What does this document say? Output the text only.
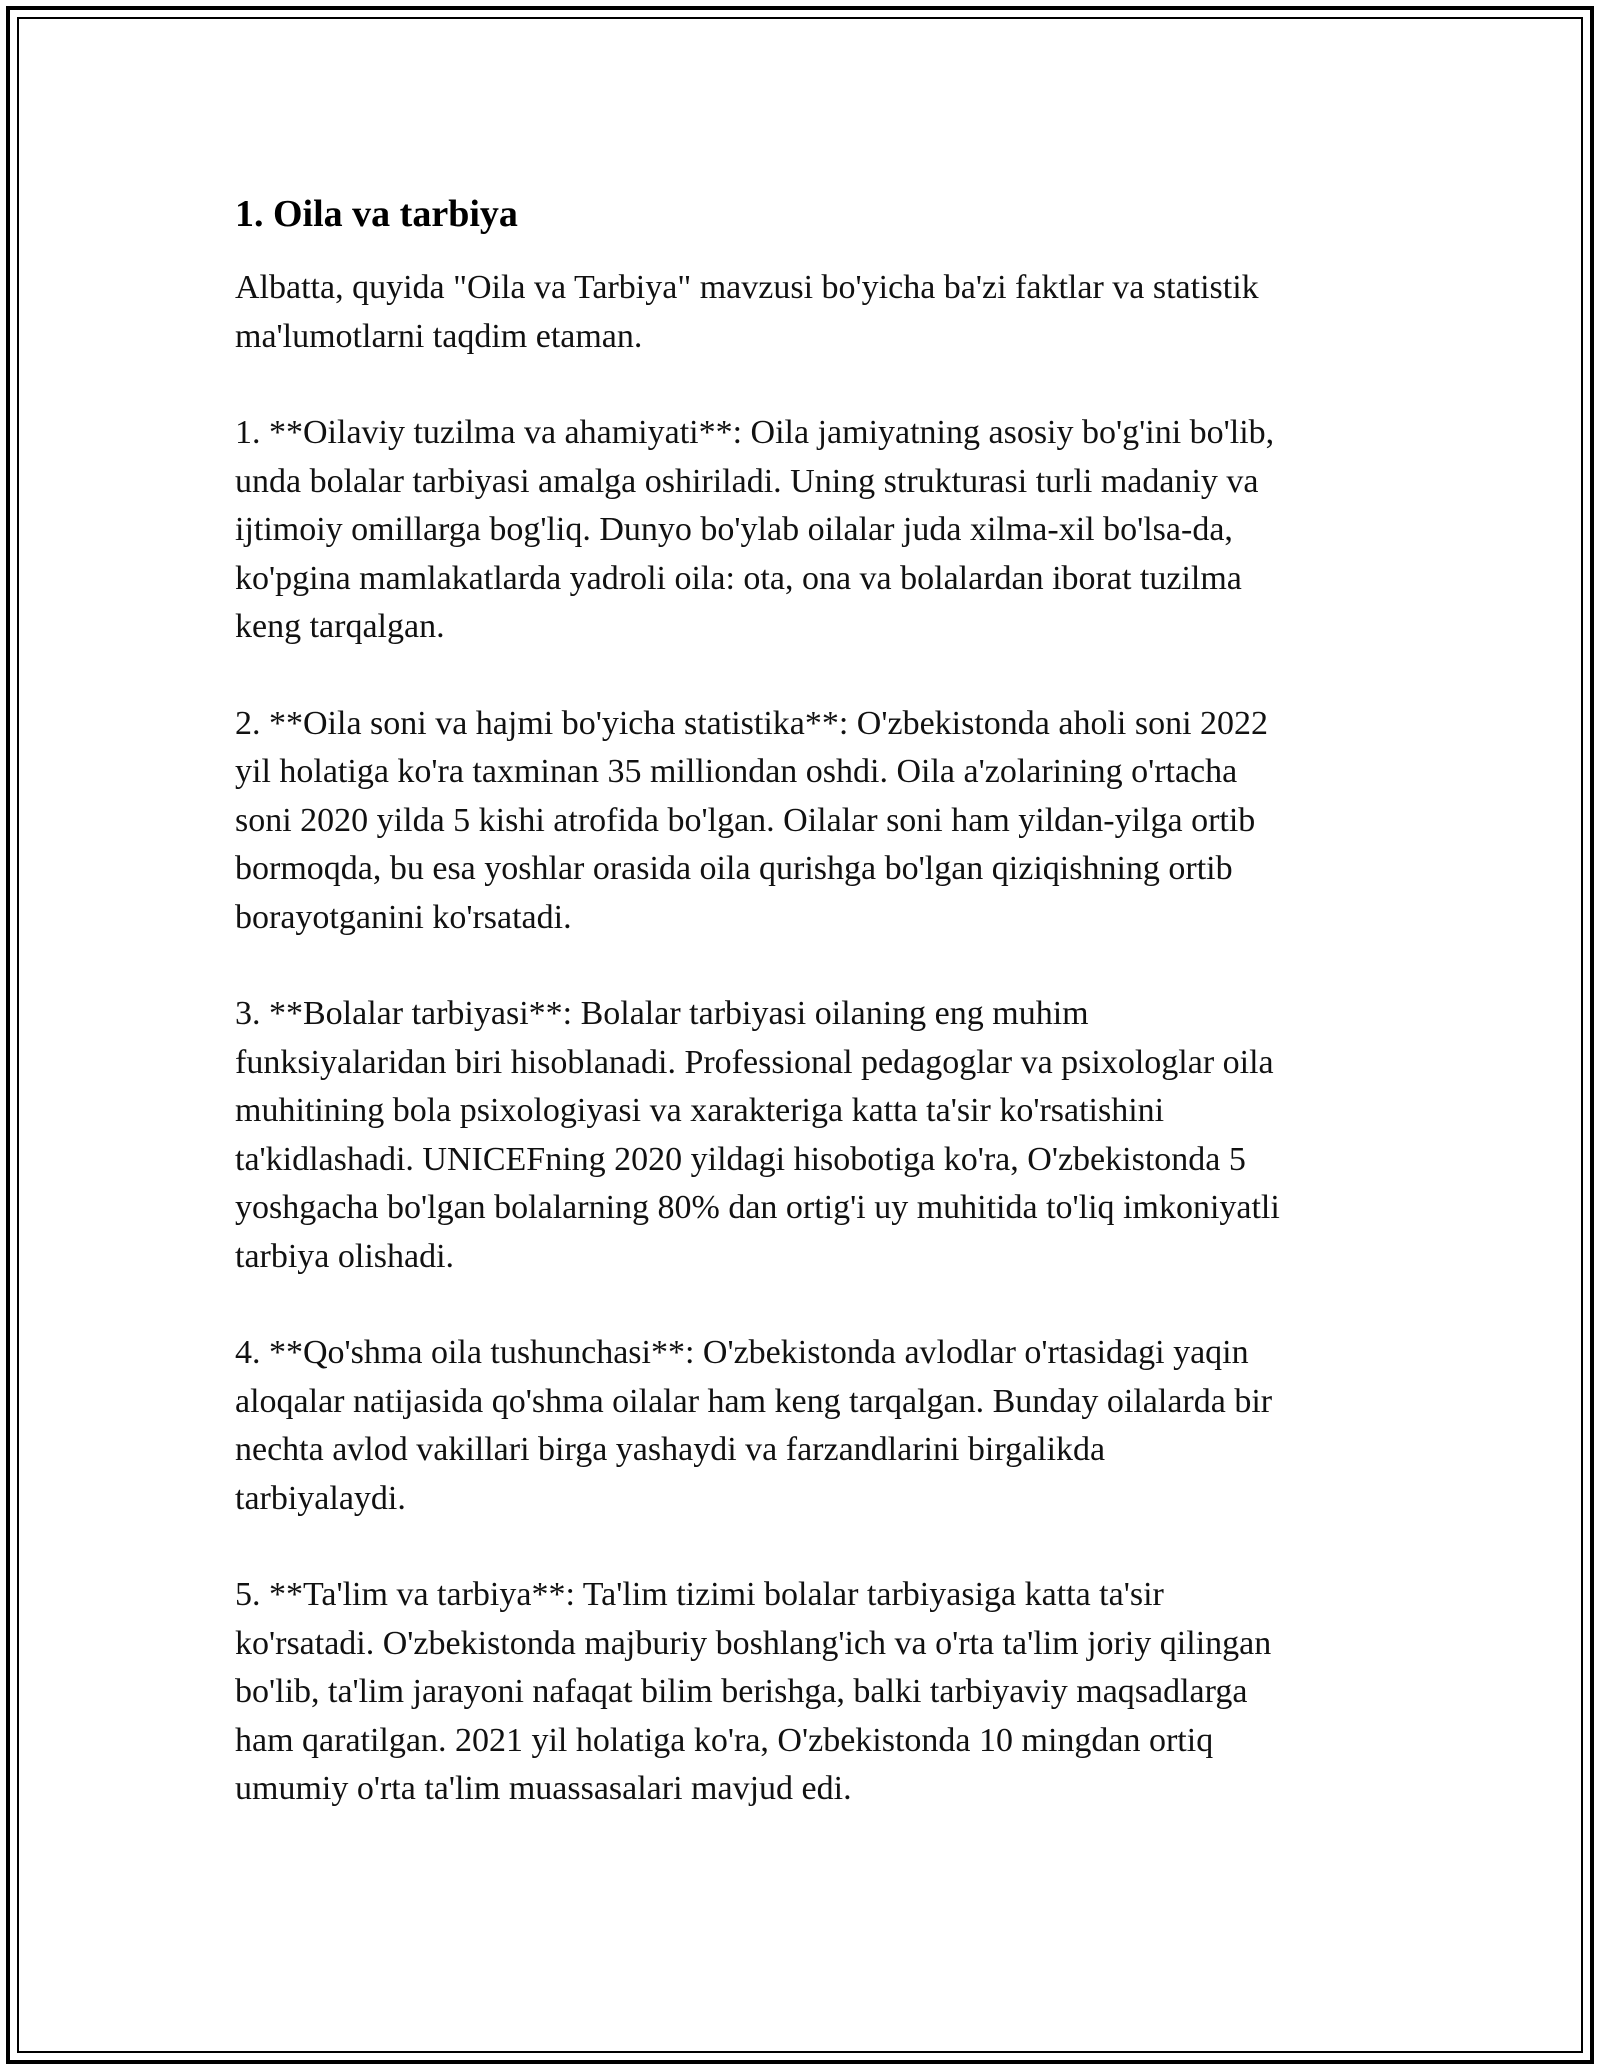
1. Oila va tarbiya

Albatta, quyida "Oila va Tarbiya" mavzusi bo'yicha ba'zi faktlar va statistik
ma'lumotlarni taqdim etaman.

1. **Oilaviy tuzilma va ahamiyati**: Oila jamiyatning asosiy bo'g'ini bo'lib,
unda bolalar tarbiyasi amalga oshiriladi. Uning strukturasi turli madaniy va
ijtimoiy omillarga bog'liq. Dunyo bo'ylab oilalar juda xilma-xil bo'lsa-da,
ko'pgina mamlakatlarda yadroli oila: ota, ona va bolalardan iborat tuzilma
keng tarqalgan.

2. **Oila soni va hajmi bo'yicha statistika**: O'zbekistonda aholi soni 2022
yil holatiga ko'ra taxminan 35 milliondan oshdi. Oila a'zolarining o'rtacha
soni 2020 yilda 5 kishi atrofida bo'lgan. Oilalar soni ham yildan-yilga ortib
bormoqda, bu esa yoshlar orasida oila qurishga bo'lgan qiziqishning ortib
borayotganini ko'rsatadi.

3. **Bolalar tarbiyasi**: Bolalar tarbiyasi oilaning eng muhim
funksiyalaridan biri hisoblanadi. Professional pedagoglar va psixologlar oila
muhitining bola psixologiyasi va xarakteriga katta ta'sir ko'rsatishini
ta'kidlashadi. UNICEFning 2020 yildagi hisobotiga ko'ra, O'zbekistonda 5
yoshgacha bo'lgan bolalarning 80% dan ortig'i uy muhitida to'liq imkoniyatli
tarbiya olishadi.

4. **Qo'shma oila tushunchasi**: O'zbekistonda avlodlar o'rtasidagi yaqin
aloqalar natijasida qo'shma oilalar ham keng tarqalgan. Bunday oilalarda bir
nechta avlod vakillari birga yashaydi va farzandlarini birgalikda
tarbiyalaydi.

5. **Ta'lim va tarbiya**: Ta'lim tizimi bolalar tarbiyasiga katta ta'sir
ko'rsatadi. O'zbekistonda majburiy boshlang'ich va o'rta ta'lim joriy qilingan
bo'lib, ta'lim jarayoni nafaqat bilim berishga, balki tarbiyaviy maqsadlarga
ham qaratilgan. 2021 yil holatiga ko'ra, O'zbekistonda 10 mingdan ortiq
umumiy o'rta ta'lim muassasalari mavjud edi.
